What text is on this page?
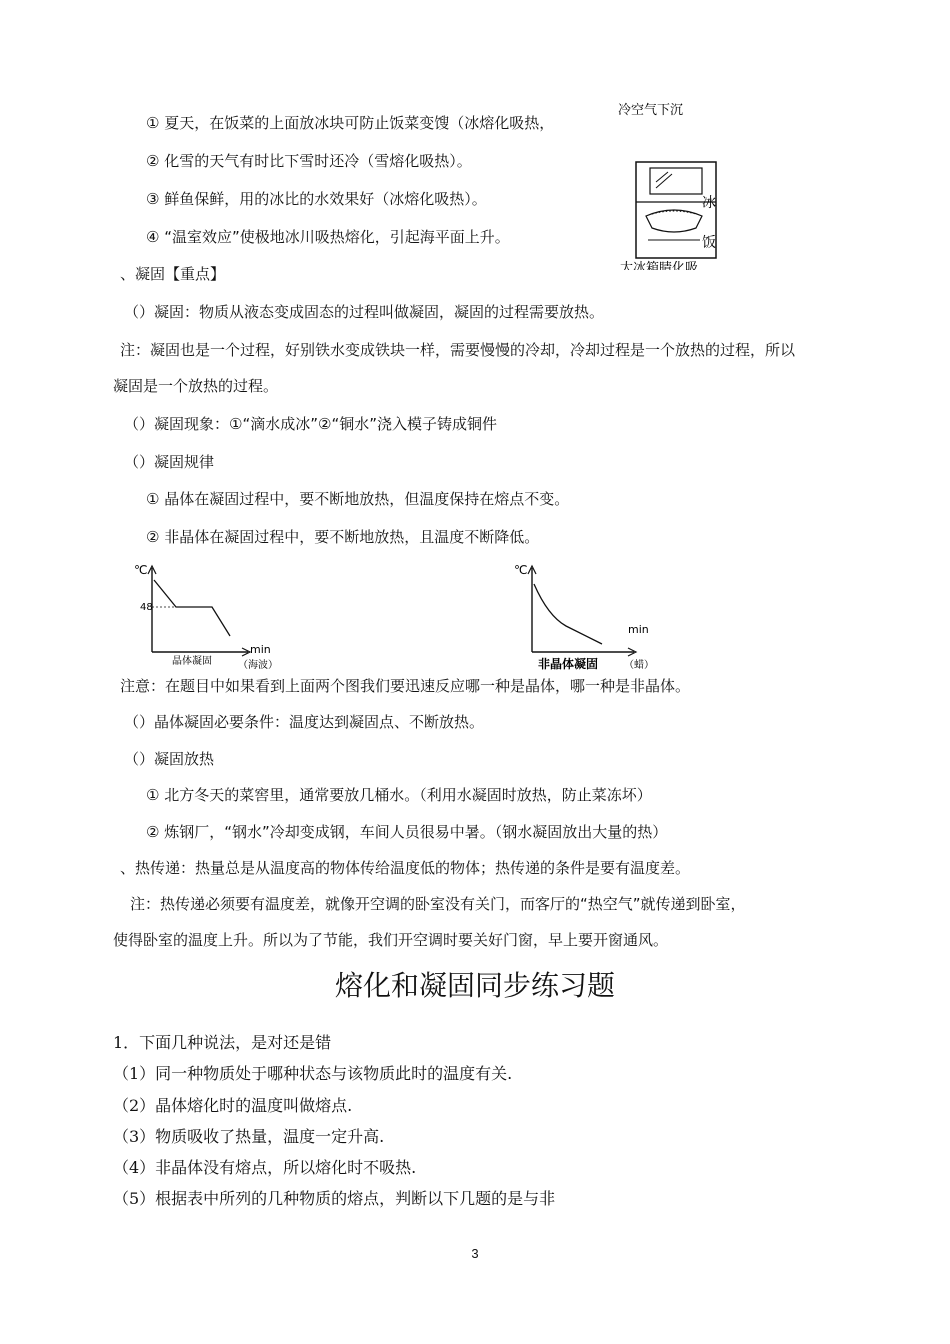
① 夏天，在饭菜的上面放冰块可防止饭菜变馊（冰熔化吸热，
② 化雪的天气有时比下雪时还冷（雪熔化吸热）。
③ 鲜鱼保鲜，用的冰比的水效果好（冰熔化吸热）。
④ “温室效应”使极地冰川吸热熔化，引起海平面上升。
冷空气下沉
冰
饭
大冰箱睛化吸
、凝固【重点】
（）凝固：物质从液态变成固态的过程叫做凝固，凝固的过程需要放热。
注：凝固也是一个过程，好别铁水变成铁块一样，需要慢慢的冷却，冷却过程是一个放热的过程，所以
凝固是一个放热的过程。
（）凝固现象：①“滴水成冰”②“铜水”浇入模子铸成铜件
（）凝固规律
① 晶体在凝固过程中，要不断地放热，但温度保持在熔点不变。
② 非晶体在凝固过程中，要不断地放热，且温度不断降低。
℃
48
min
晶体凝固	（海波）
℃
min
非晶体凝固	（蜡）
注意：在题目中如果看到上面两个图我们要迅速反应哪一种是晶体，哪一种是非晶体。
（）晶体凝固必要条件：温度达到凝固点、不断放热。
（）凝固放热
① 北方冬天的菜窖里，通常要放几桶水。（利用水凝固时放热，防止菜冻坏）
② 炼钢厂，“钢水”冷却变成钢，车间人员很易中暑。（钢水凝固放出大量的热）
、热传递：热量总是从温度高的物体传给温度低的物体；热传递的条件是要有温度差。
注：热传递必须要有温度差，就像开空调的卧室没有关门，而客厅的“热空气”就传递到卧室，
使得卧室的温度上升。所以为了节能，我们开空调时要关好门窗，早上要开窗通风。
熔化和凝固同步练习题
1．下面几种说法，是对还是错
（1）同一种物质处于哪种状态与该物质此时的温度有关.
（2）晶体熔化时的温度叫做熔点.
（3）物质吸收了热量，温度一定升高.
（4）非晶体没有熔点，所以熔化时不吸热.
（5）根据表中所列的几种物质的熔点，判断以下几题的是与非
3
